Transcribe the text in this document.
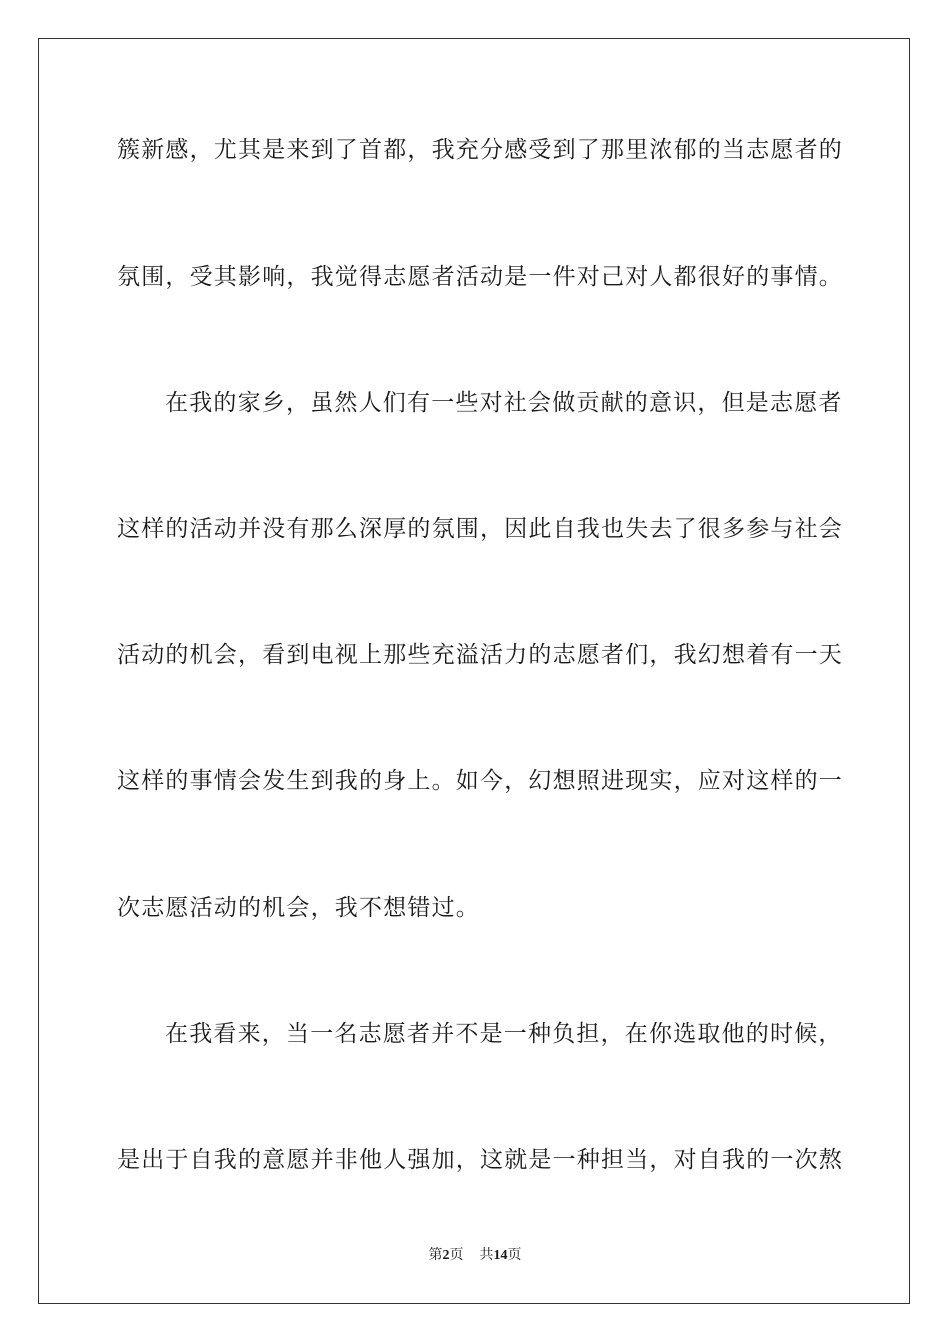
簇新感，尤其是来到了首都，我充分感受到了那里浓郁的当志愿者的
氛围，受其影响，我觉得志愿者活动是一件对己对人都很好的事情。
在我的家乡，虽然人们有一些对社会做贡献的意识，但是志愿者
这样的活动并没有那么深厚的氛围，因此自我也失去了很多参与社会
活动的机会，看到电视上那些充溢活力的志愿者们，我幻想着有一天
这样的事情会发生到我的身上。如今，幻想照进现实，应对这样的一
次志愿活动的机会，我不想错过。
在我看来，当一名志愿者并不是一种负担，在你选取他的时候，
是出于自我的意愿并非他人强加，这就是一种担当，对自我的一次熬
第2页 共14页
